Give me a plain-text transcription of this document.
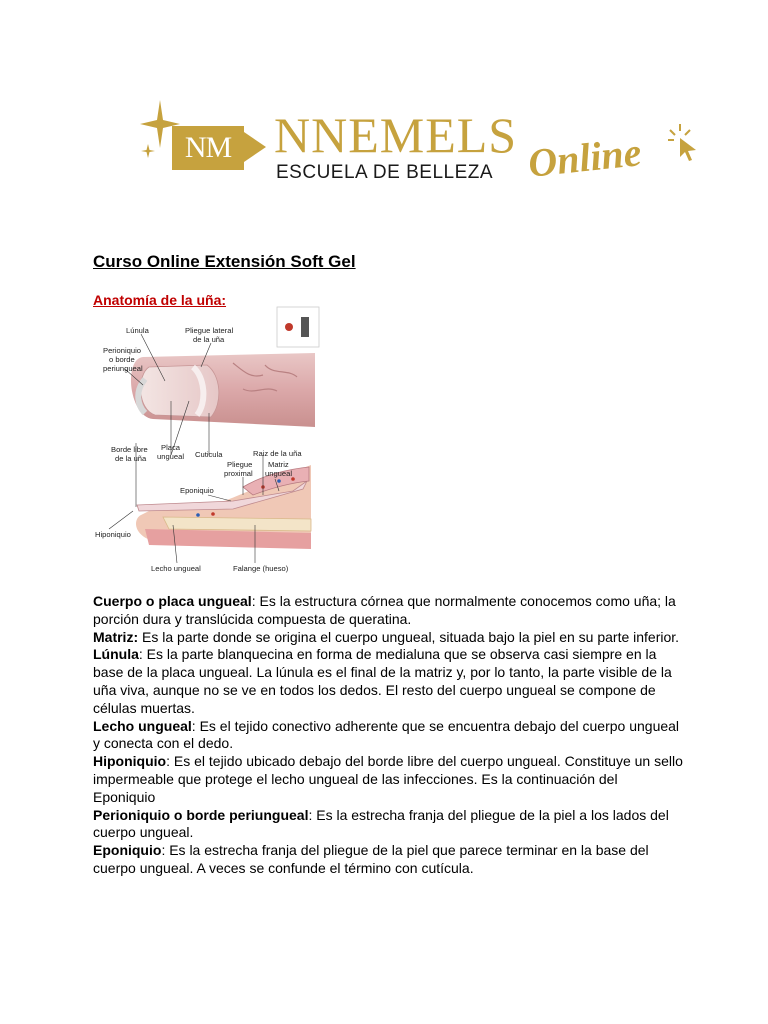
NM NNEMELS
ESCUELA DE BELLEZA Online
Curso Online Extensión Soft Gel
Anatomía de la uña:
Lúnula	Pliegue lateral
de la uña
Perioniquio
o borde
periungueal
Borde libre
de la uña
Placa
ungueal Cuticula	Raiz de la uña
Pliegue
proximal
Matriz
ungueal
Eponiquio
Hiponiquio
Lecho ungueal	Falange (hueso)

Cuerpo o placa ungueal: Es la estructura córnea que normalmente conocemos como uña; la porción dura y translúcida compuesta de queratina.

Matriz: Es la parte donde se origina el cuerpo ungueal, situada bajo la piel en su parte inferior.

Lúnula: Es la parte blanquecina en forma de medialuna que se observa casi siempre en la base de la placa ungueal. La lúnula es el final de la matriz y, por lo tanto, la parte visible de la uña viva, aunque no se ve en todos los dedos. El resto del cuerpo ungueal se compone de células muertas.

Lecho ungueal: Es el tejido conectivo adherente que se encuentra debajo del cuerpo ungueal y conecta con el dedo.

Hiponiquio: Es el tejido ubicado debajo del borde libre del cuerpo ungueal. Constituye un sello impermeable que protege el lecho ungueal de las infecciones. Es la continuación del Eponiquio

Perioniquio o borde periungueal: Es la estrecha franja del pliegue de la piel a los lados del cuerpo ungueal.

Eponiquio: Es la estrecha franja del pliegue de la piel que parece terminar en la base del cuerpo ungueal. A veces se confunde el término con cutícula.
